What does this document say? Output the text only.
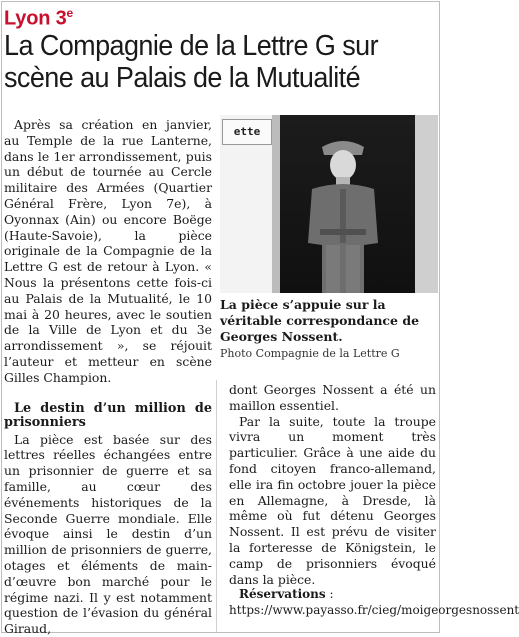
Lyon 3e
La Compagnie de la Lettre G sur
scène au Palais de la Mutualité

Après sa création en janvier, au Temple de la rue Lanterne, dans le 1er arrondissement, puis un début de tournée au Cercle militaire des Armées (Quartier Général Frère, Lyon 7e), à Oyonnax (Ain) ou encore Boëge (Haute-Savoie), la pièce originale de la Compagnie de la Lettre G est de retour à Lyon. « Nous la présentons cette fois-ci au Palais de la Mutualité, le 10 mai à 20 heures, avec le soutien de la Ville de Lyon et du 3e arrondissement », se réjouit l’auteur et metteur en scène Gilles Champion.

Le destin d’un million de prisonniers

La pièce est basée sur des lettres réelles échangées entre un prisonnier de guerre et sa famille, au cœur des événements historiques de la Seconde Guerre mondiale. Elle évoque ainsi le destin d’un million de prisonniers de guerre, otages et éléments de main-d’œuvre bon marché pour le régime nazi. Il y est notamment question de l’évasion du général Giraud,

ette
La pièce s’appuie sur la véritable correspondance de Georges Nossent.
Photo Compagnie de la Lettre G

dont Georges Nossent a été un maillon essentiel.

Par la suite, toute la troupe vivra un moment très particulier. Grâce à une aide du fond citoyen franco-allemand, elle ira fin octobre jouer la pièce en Allemagne, à Dresde, là même où fut détenu Georges Nossent. Il est prévu de visiter la forteresse de Königstein, le camp de prisonniers évoqué dans la pièce.

Réservations : https://www.payasso.fr/cieg/moigeorgesnossent
